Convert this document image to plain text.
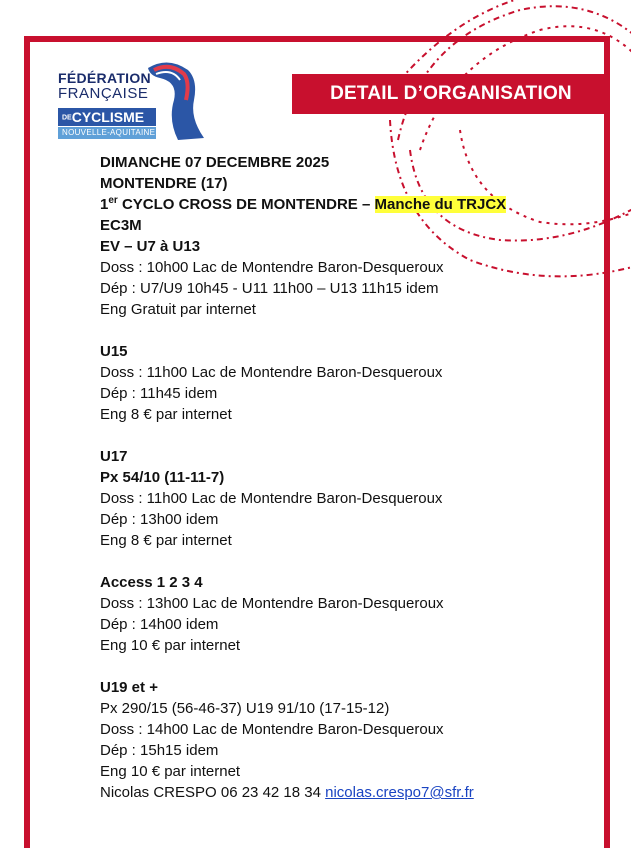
FÉDÉRATION
FRANÇAISE
DECYCLISME
NOUVELLE-AQUITAINE
DETAIL D’ORGANISATION

DIMANCHE 07 DECEMBRE 2025

MONTENDRE (17)

1er CYCLO CROSS DE MONTENDRE – Manche du TRJCX

EC3M

EV – U7 à U13

Doss : 10h00 Lac de Montendre Baron-Desqueroux

Dép : U7/U9 10h45 - U11 11h00 – U13 11h15 idem

Eng Gratuit par internet

U15

Doss : 11h00 Lac de Montendre Baron-Desqueroux

Dép : 11h45 idem

Eng 8 € par internet

U17

Px 54/10 (11-11-7)

Doss : 11h00 Lac de Montendre Baron-Desqueroux

Dép : 13h00 idem

Eng 8 € par internet

Access 1 2 3 4

Doss : 13h00 Lac de Montendre Baron-Desqueroux

Dép : 14h00 idem

Eng 10 € par internet

U19 et +

Px 290/15 (56-46-37) U19 91/10 (17-15-12)

Doss : 14h00 Lac de Montendre Baron-Desqueroux

Dép : 15h15 idem

Eng 10 € par internet

Nicolas CRESPO 06 23 42 18 34 nicolas.crespo7@sfr.fr
